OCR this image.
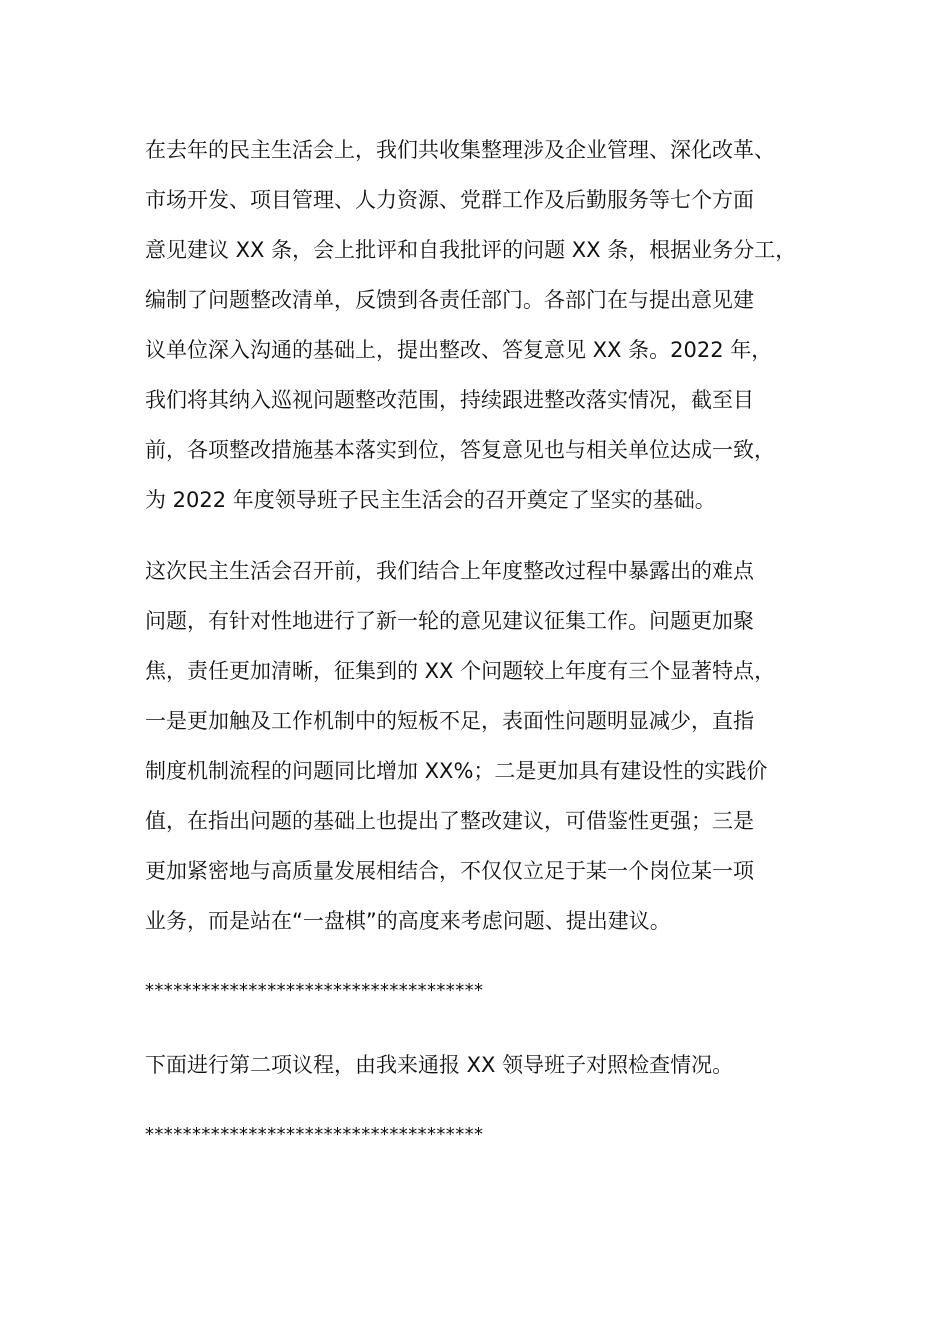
在去年的民主生活会上，我们共收集整理涉及企业管理、深化改革、
市场开发、项目管理、人力资源、党群工作及后勤服务等七个方面
意见建议 XX 条，会上批评和自我批评的问题 XX 条，根据业务分工，
编制了问题整改清单，反馈到各责任部门。各部门在与提出意见建
议单位深入沟通的基础上，提出整改、答复意见 XX 条。2022 年，
我们将其纳入巡视问题整改范围，持续跟进整改落实情况，截至目
前，各项整改措施基本落实到位，答复意见也与相关单位达成一致，
为 2022 年度领导班子民主生活会的召开奠定了坚实的基础。
这次民主生活会召开前，我们结合上年度整改过程中暴露出的难点
问题，有针对性地进行了新一轮的意见建议征集工作。问题更加聚
焦，责任更加清晰，征集到的 XX 个问题较上年度有三个显著特点，
一是更加触及工作机制中的短板不足，表面性问题明显减少，直指
制度机制流程的问题同比增加 XX%；二是更加具有建设性的实践价
值，在指出问题的基础上也提出了整改建议，可借鉴性更强；三是
更加紧密地与高质量发展相结合，不仅仅立足于某一个岗位某一项
业务，而是站在“一盘棋”的高度来考虑问题、提出建议。
************************************
下面进行第二项议程，由我来通报 XX 领导班子对照检查情况。
************************************
